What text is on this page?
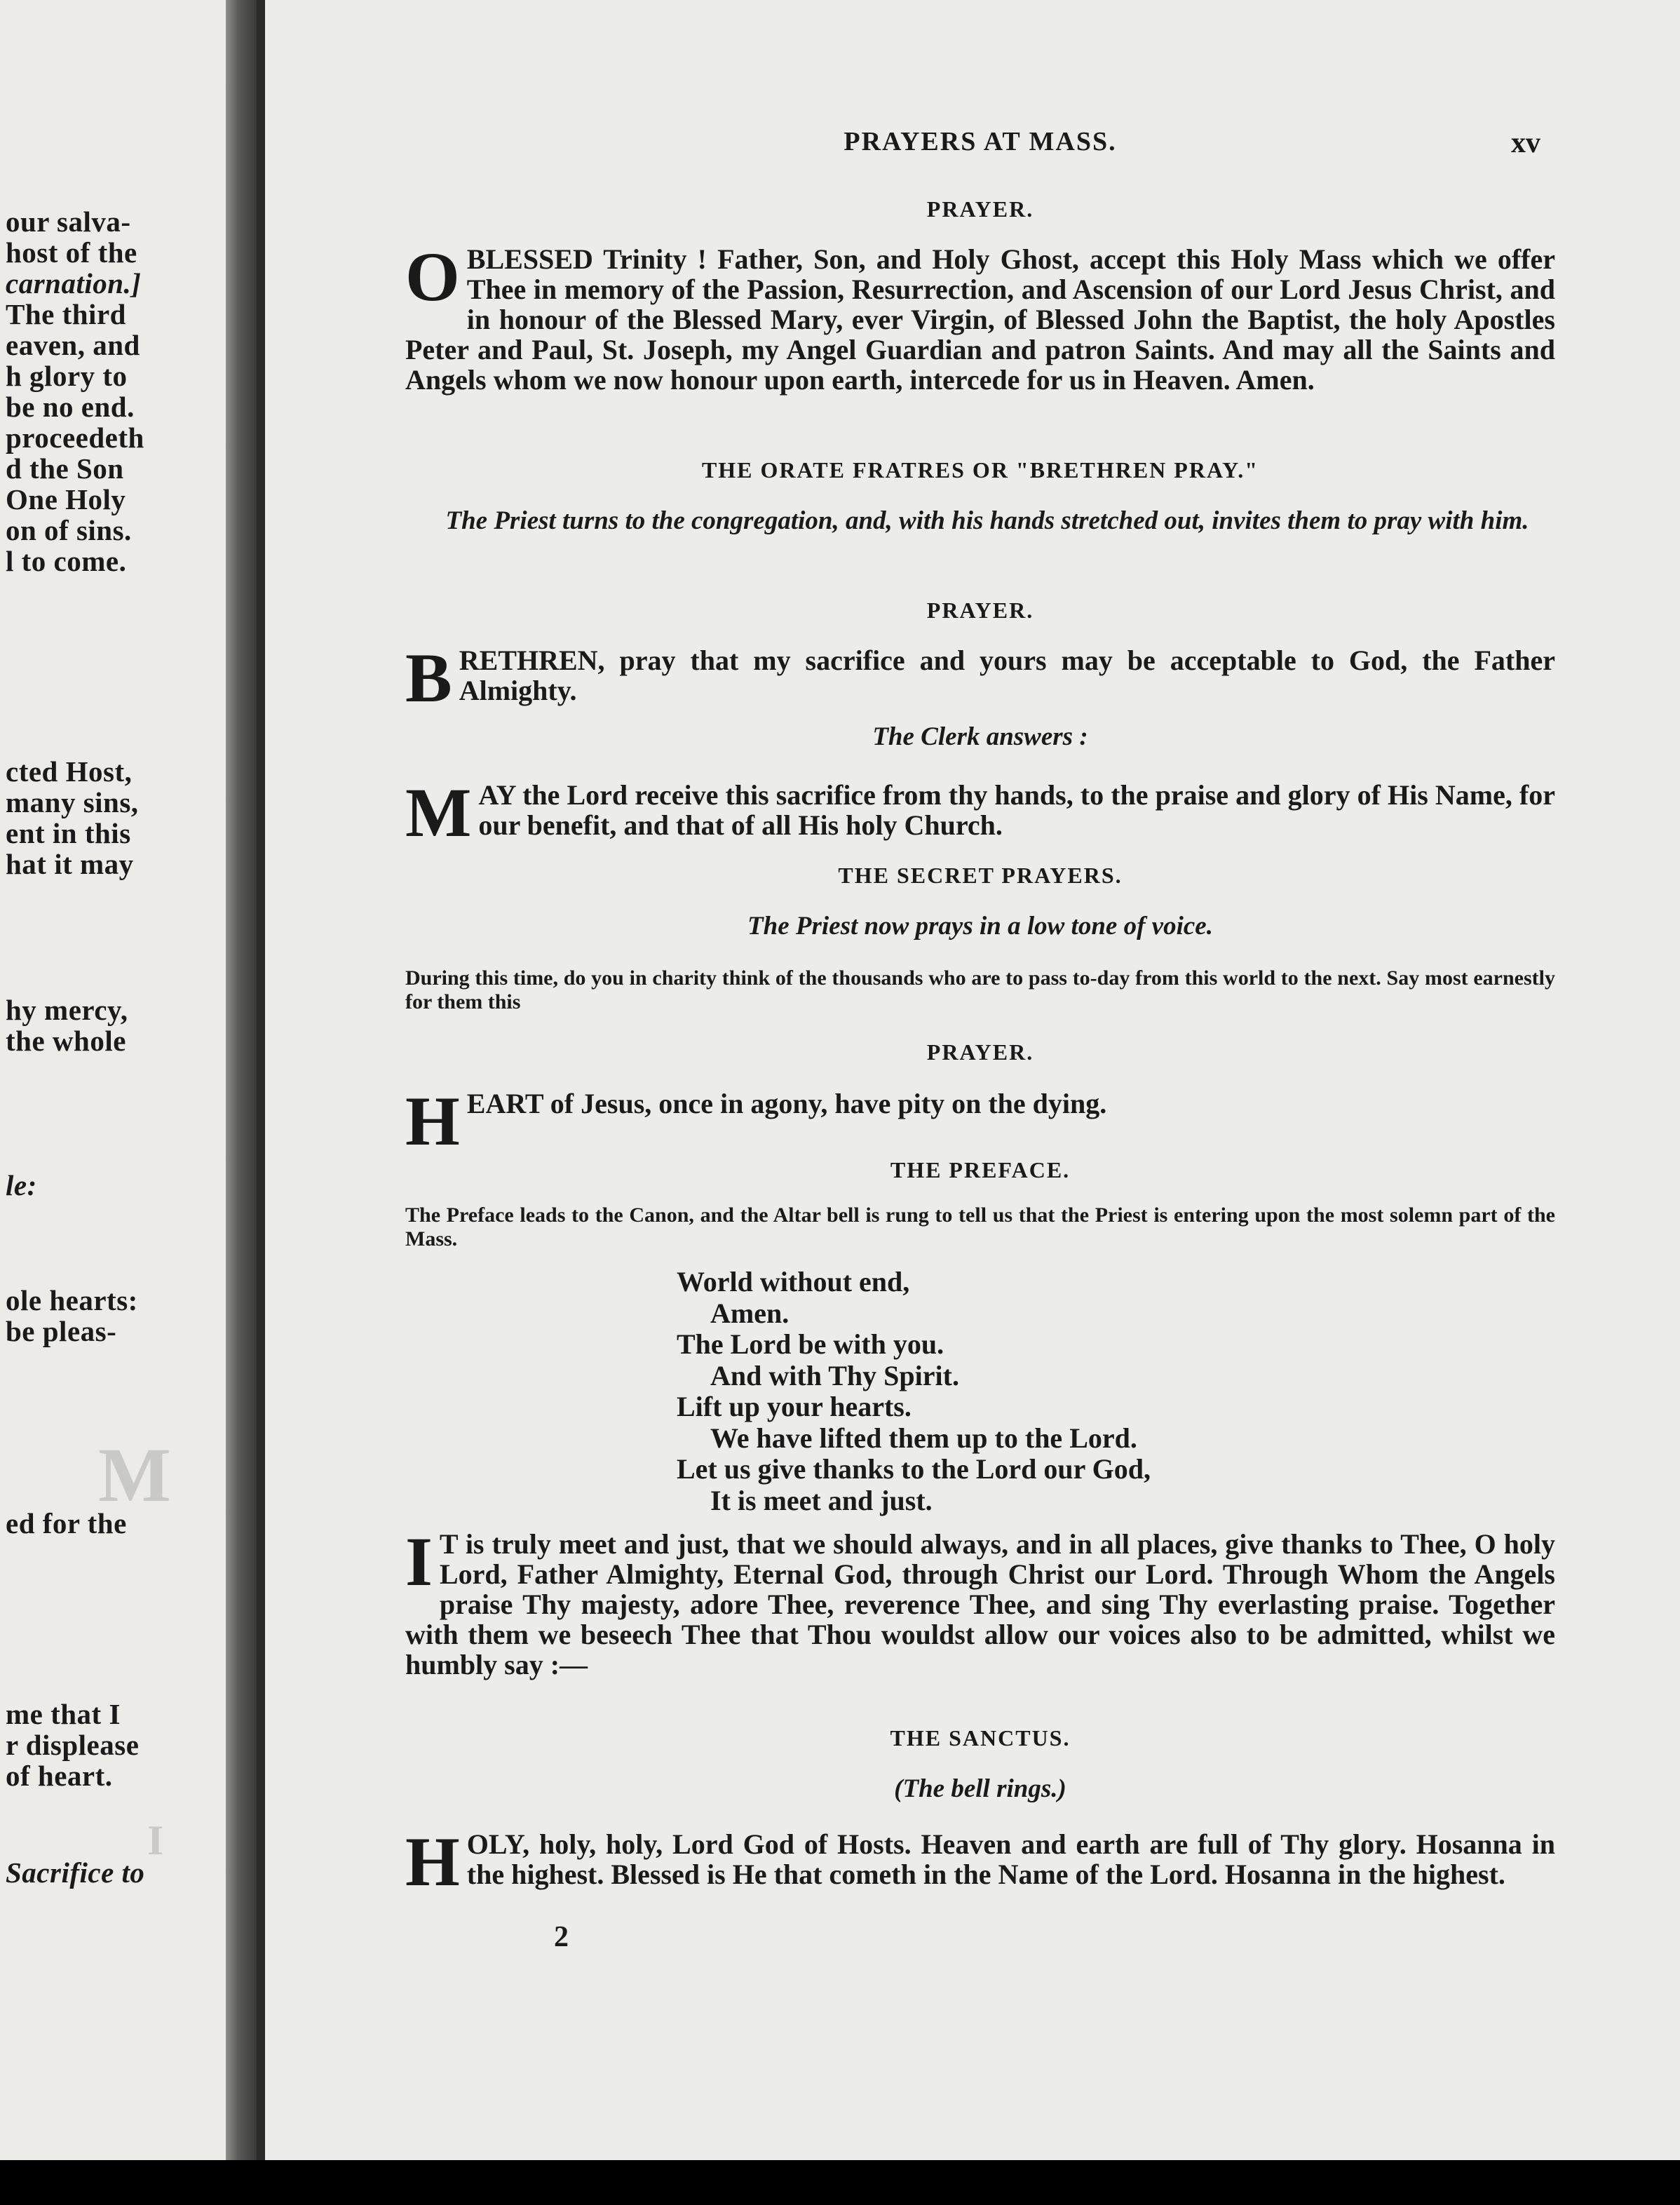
our salva-
host of the
carnation.]
The third
eaven, and
h glory to
be no end.
proceedeth
d the Son
One Holy
on of sins.
l to come.
cted Host,
many sins,
ent in this
hat it may
hy mercy,
the whole
le:
ole hearts:
be pleas-
ed for the
me that I
r displease
of heart.
Sacrifice to
M
I
PRAYERS AT MASS.	xv
PRAYER.
O BLESSED Trinity ! Father, Son, and Holy Ghost, accept this Holy Mass which we offer Thee in memory of the Passion, Resurrection, and Ascension of our Lord Jesus Christ, and in honour of the Blessed Mary, ever Virgin, of Blessed John the Baptist, the holy Apostles Peter and Paul, St. Joseph, my Angel Guardian and patron Saints. And may all the Saints and Angels whom we now honour upon earth, intercede for us in Heaven. Amen.
THE ORATE FRATRES OR "BRETHREN PRAY."
The Priest turns to the congregation, and, with his hands stretched out, invites them to pray with him.
PRAYER.
B RETHREN, pray that my sacrifice and yours may be acceptable to God, the Father Almighty.
The Clerk answers :
M AY the Lord receive this sacrifice from thy hands, to the praise and glory of His Name, for our benefit, and that of all His holy Church.
THE SECRET PRAYERS.
The Priest now prays in a low tone of voice.
During this time, do you in charity think of the thousands who are to pass to-day from this world to the next. Say most earnestly for them this
PRAYER.
H EART of Jesus, once in agony, have pity on the dying.
THE PREFACE.
The Preface leads to the Canon, and the Altar bell is rung to tell us that the Priest is entering upon the most solemn part of the Mass.
World without end,
Amen.
The Lord be with you.
And with Thy Spirit.
Lift up your hearts.
We have lifted them up to the Lord.
Let us give thanks to the Lord our God,
It is meet and just.
I T is truly meet and just, that we should always, and in all places, give thanks to Thee, O holy Lord, Father Almighty, Eternal God, through Christ our Lord. Through Whom the Angels praise Thy majesty, adore Thee, reverence Thee, and sing Thy everlasting praise. Together with them we beseech Thee that Thou wouldst allow our voices also to be admitted, whilst we humbly say :—
THE SANCTUS.
(The bell rings.)
H OLY, holy, holy, Lord God of Hosts. Heaven and earth are full of Thy glory. Hosanna in the highest. Blessed is He that cometh in the Name of the Lord. Hosanna in the highest.
2
